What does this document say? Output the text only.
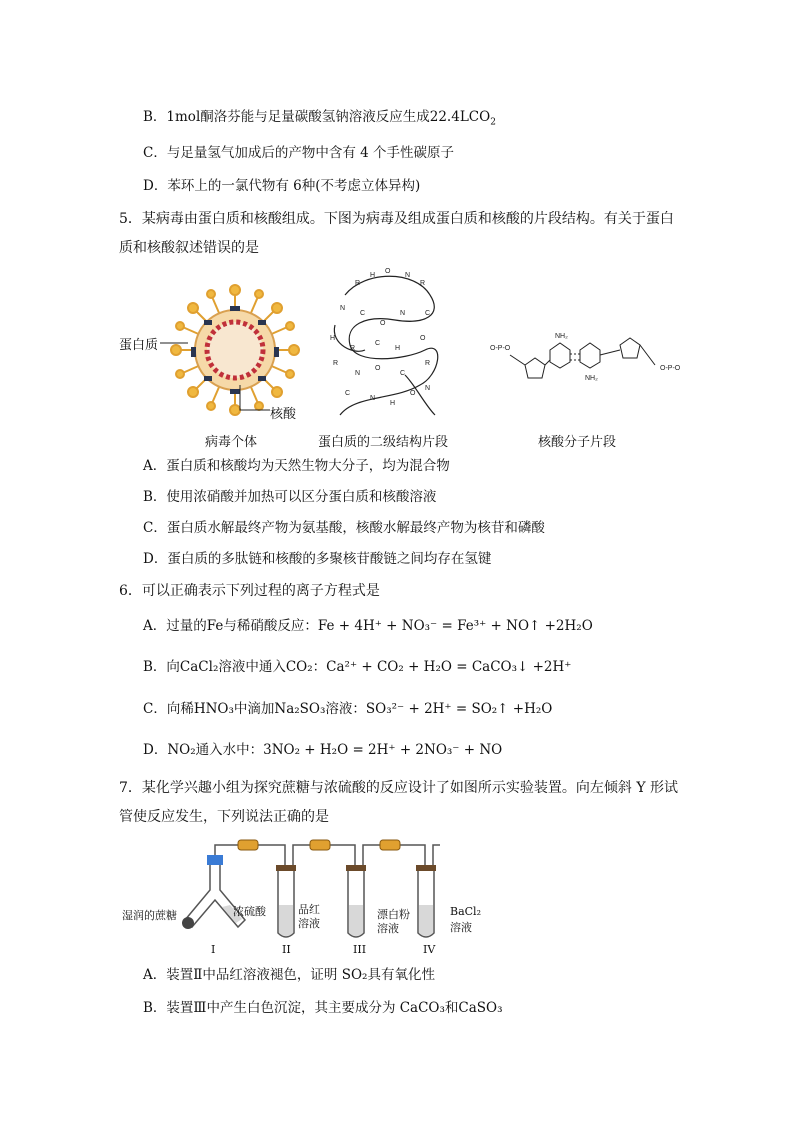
B．1mol酮洛芬能与足量碳酸氢钠溶液反应生成$22.4LCO_2$
C．与足量氢气加成后的产物中含有 4 个手性碳原子
D．苯环上的一氯代物有 6种(不考虑立体异构)
5．某病毒由蛋白质和核酸组成。下图为病毒及组成蛋白质和核酸的片段结构。有关于蛋白
质和核酸叙述错误的是
蛋白质
核酸
病毒个体
R
H
O
N
R
N
C
O
N	C
H
R
C
H
O
R
N
O
C
R
C
N
H
O
N
蛋白质的二级结构片段
O-P-O
O-P-O
NH₂
NH₂
核酸分子片段
A．蛋白质和核酸均为天然生物大分子，均为混合物
B．使用浓硝酸并加热可以区分蛋白质和核酸溶液
C．蛋白质水解最终产物为氨基酸，核酸水解最终产物为核苷和磷酸
D．蛋白质的多肽链和核酸的多聚核苷酸链之间均存在氢键
6．可以正确表示下列过程的离子方程式是
A．过量的Fe与稀硝酸反应：Fe + 4H⁺ + NO₃⁻ = Fe³⁺ + NO↑ +2H₂O
B．向CaCl₂溶液中通入CO₂：Ca²⁺ + CO₂ + H₂O = CaCO₃↓ +2H⁺
C．向稀HNO₃中滴加Na₂SO₃溶液：SO₃²⁻ + 2H⁺ = SO₂↑ +H₂O
D．NO₂通入水中：3NO₂ + H₂O = 2H⁺ + 2NO₃⁻ + NO
7．某化学兴趣小组为探究蔗糖与浓硫酸的反应设计了如图所示实验装置。向左倾斜 Y 形试
管使反应发生，下列说法正确的是
湿润的蔗糖	浓硫酸	品红
溶液
漂白粉
溶液
BaCl₂
溶液
I	II	III	IV
A．装置Ⅱ中品红溶液褪色，证明 SO₂具有氧化性
B．装置Ⅲ中产生白色沉淀，其主要成分为 CaCO₃和CaSO₃
